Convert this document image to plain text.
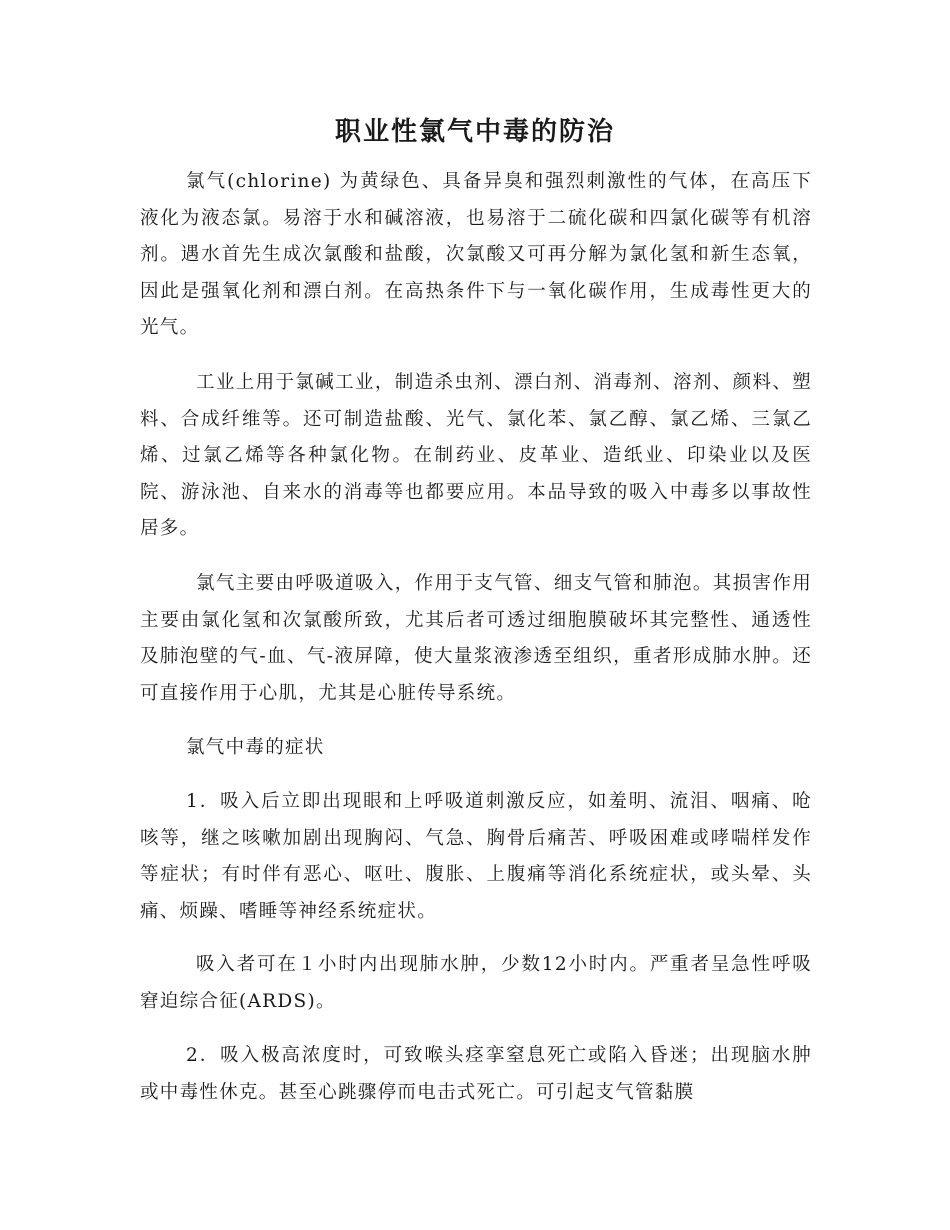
职业性氯气中毒的防治

氯气(chlorine) 为黄绿色、具备异臭和强烈刺激性的气体，在高压下液化为液态氯。易溶于水和碱溶液，也易溶于二硫化碳和四氯化碳等有机溶剂。遇水首先生成次氯酸和盐酸，次氯酸又可再分解为氯化氢和新生态氧，因此是强氧化剂和漂白剂。在高热条件下与一氧化碳作用，生成毒性更大的光气。

工业上用于氯碱工业，制造杀虫剂、漂白剂、消毒剂、溶剂、颜料、塑料、合成纤维等。还可制造盐酸、光气、氯化苯、氯乙醇、氯乙烯、三氯乙烯、过氯乙烯等各种氯化物。在制药业、皮革业、造纸业、印染业以及医院、游泳池、自来水的消毒等也都要应用。本品导致的吸入中毒多以事故性居多。

氯气主要由呼吸道吸入，作用于支气管、细支气管和肺泡。其损害作用主要由氯化氢和次氯酸所致，尤其后者可透过细胞膜破坏其完整性、通透性及肺泡壁的气-血、气-液屏障，使大量浆液渗透至组织，重者形成肺水肿。还可直接作用于心肌，尤其是心脏传导系统。

氯气中毒的症状

1．吸入后立即出现眼和上呼吸道刺激反应，如羞明、流泪、咽痛、呛咳等，继之咳嗽加剧出现胸闷、气急、胸骨后痛苦、呼吸困难或哮喘样发作等症状；有时伴有恶心、呕吐、腹胀、上腹痛等消化系统症状，或头晕、头痛、烦躁、嗜睡等神经系统症状。

吸入者可在１小时内出现肺水肿，少数12小时内。严重者呈急性呼吸窘迫综合征(ARDS)。

2．吸入极高浓度时，可致喉头痉挛窒息死亡或陷入昏迷；出现脑水肿或中毒性休克。甚至心跳骤停而电击式死亡。可引起支气管黏膜
